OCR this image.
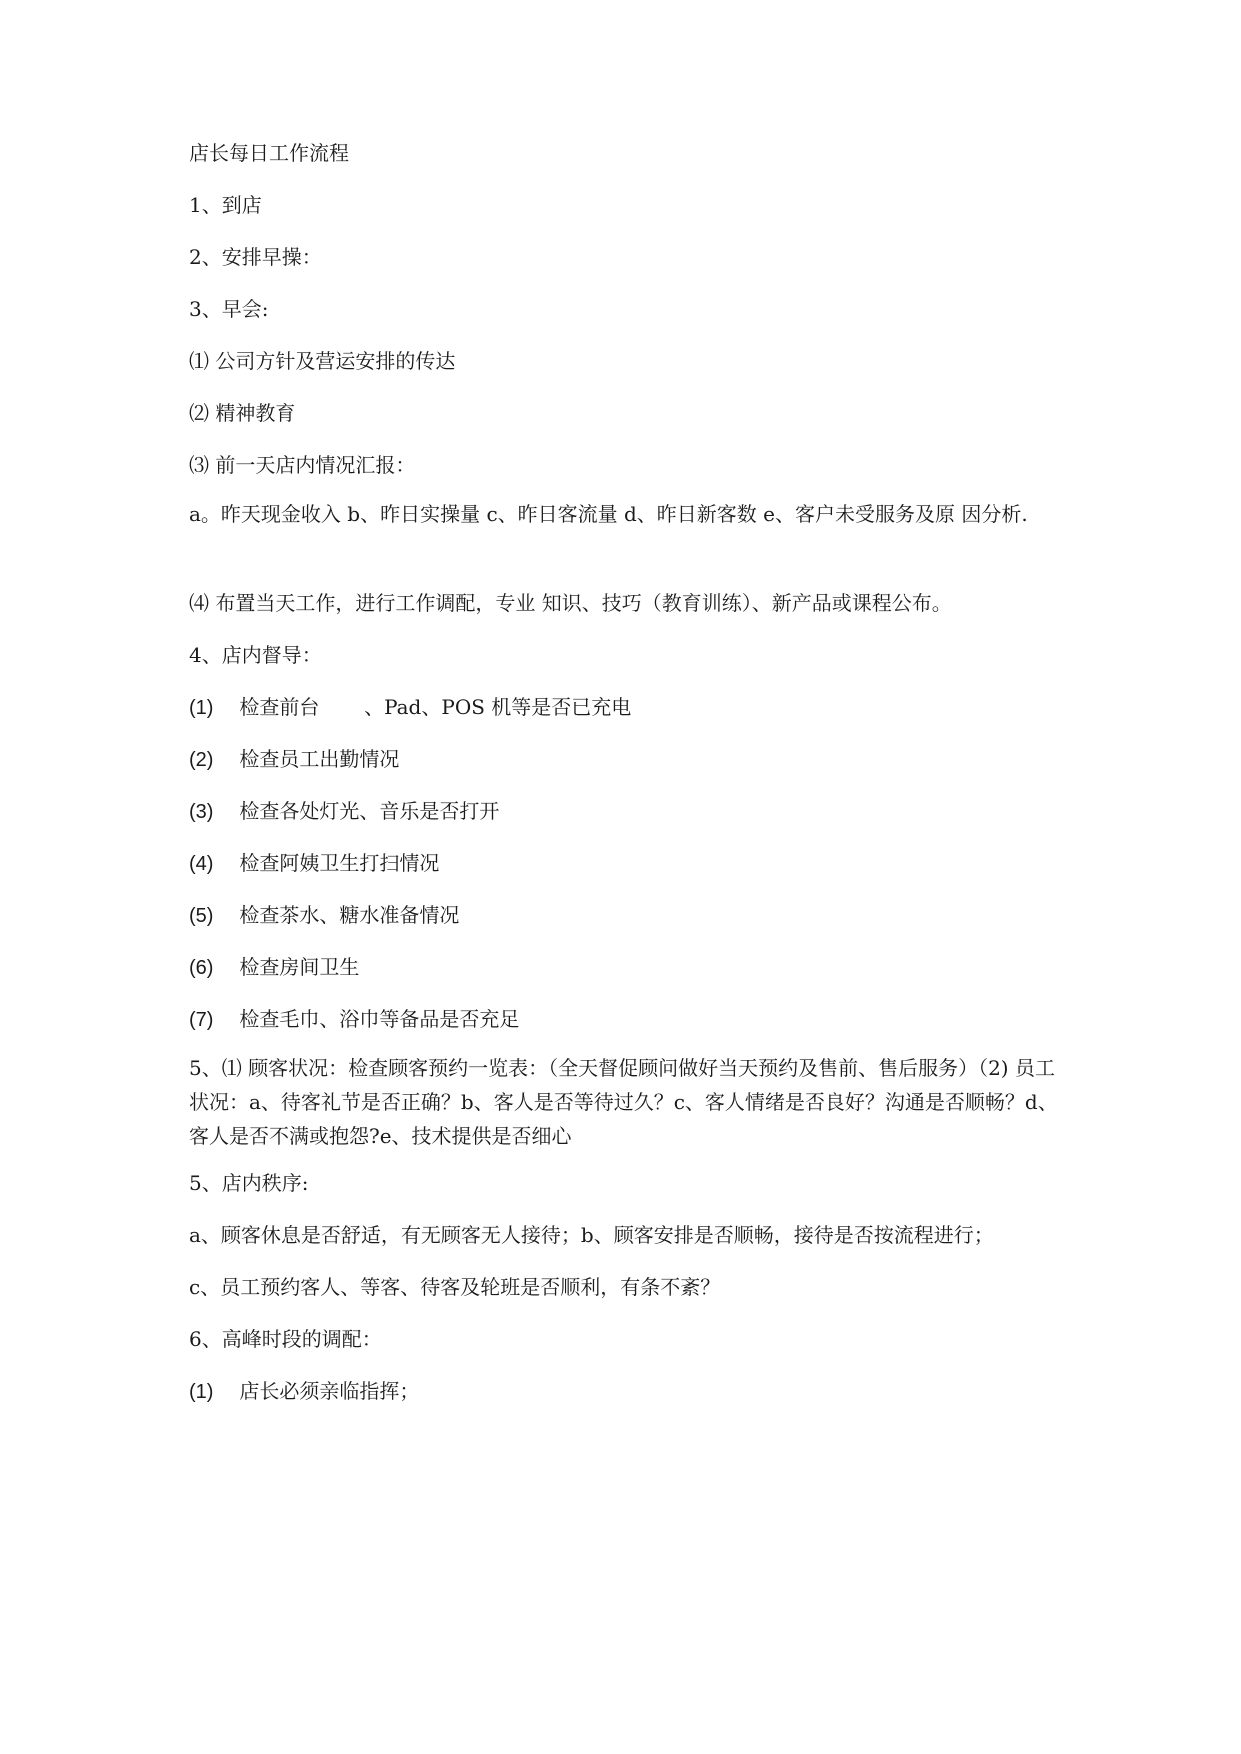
店长每日工作流程
1、到店
2、安排早操：
3、早会:
⑴ 公司方针及营运安排的传达
⑵ 精神教育
⑶ 前一天店内情况汇报：
a。昨天现金收入 b、昨日实操量 c、昨日客流量 d、昨日新客数 e、客户未受服务及原 因分析.
⑷ 布置当天工作，进行工作调配，专业 知识、技巧（教育训练）、新产品或课程公布。
4、店内督导：
(1) 检查前台 、Pad、POS 机等是否已充电
(2) 检查员工出勤情况
(3) 检查各处灯光、音乐是否打开
(4) 检查阿姨卫生打扫情况
(5) 检查茶水、糖水准备情况
(6) 检查房间卫生
(7) 检查毛巾、浴巾等备品是否充足
5、⑴ 顾客状况：检查顾客预约一览表：（全天督促顾问做好当天预约及售前、售后服务）（2) 员工状况：a、待客礼节是否正确？b、客人是否等待过久？c、客人情绪是否良好？沟通是否顺畅？d、客人是否不满或抱怨?e、技术提供是否细心
5、店内秩序:
a、顾客休息是否舒适，有无顾客无人接待；b、顾客安排是否顺畅，接待是否按流程进行；
c、员工预约客人、等客、待客及轮班是否顺利，有条不紊？
6、高峰时段的调配：
(1) 店长必须亲临指挥；
